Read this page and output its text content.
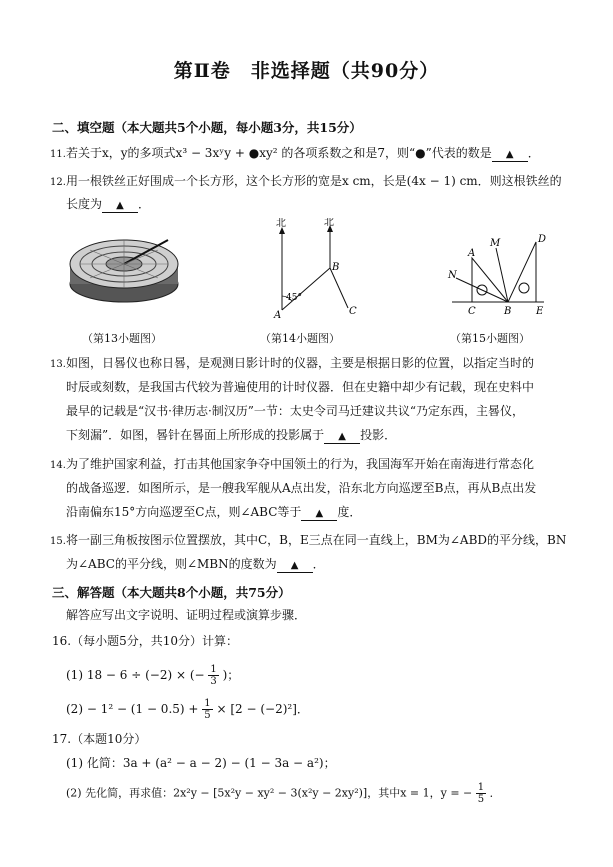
第Ⅱ卷　非选择题（共90分）
二、填空题（本大题共5个小题，每小题3分，共15分）
11.若关于x，y的多项式x³ − 3xʸy + ●xy² 的各项系数之和是7，则“●”代表的数是 ▲ ．
12.用一根铁丝正好围成一个长方形，这个长方形的宽是x cm，长是(4x − 1) cm．则这根铁丝的
长度为 ▲ ．
北	北
A
B
C
45°
N
A
M	D
C	B E
（第13小题图）	（第14小题图）	（第15小题图）
13.如图，日晷仪也称日晷，是观测日影计时的仪器，主要是根据日影的位置，以指定当时的
时辰或刻数，是我国古代较为普遍使用的计时仪器．但在史籍中却少有记载，现在史料中
最早的记载是“汉书·律历志·制汉历”一节：太史令司马迁建议共议“乃定东西，主晷仪，
下刻漏”．如图，晷针在晷面上所形成的投影属于 ▲ 投影．
14.为了维护国家利益，打击其他国家争夺中国领土的行为，我国海军开始在南海进行常态化
的战备巡逻．如图所示，是一艘我军舰从A点出发，沿东北方向巡逻至B点，再从B点出发
沿南偏东15°方向巡逻至C点，则∠ABC等于 ▲ 度．
15.将一副三角板按图示位置摆放，其中C，B，E三点在同一直线上，BM为∠ABD的平分线，BN
为∠ABC的平分线，则∠MBN的度数为 ▲ ．
三、解答题（本大题共8个小题，共75分）
解答应写出文字说明、证明过程或演算步骤．
16.（每小题5分，共10分）计算：
(1) 18 − 6 ÷ (−2) × (− $\frac{1}{3}$ )；
$(2) - 1^2 - (1 - 0.5) + \frac{1}{5} \times [2 - (-2)^2]$．
17.（本题10分）
(1) 化简：3a + (a² − a − 2) − (1 − 3a − a²)；
(2) 先化简，再求值：2x²y − [5x²y − xy² − 3(x²y − 2xy²)]，其中x = 1，y = − $\frac{1}{5}$ ．
